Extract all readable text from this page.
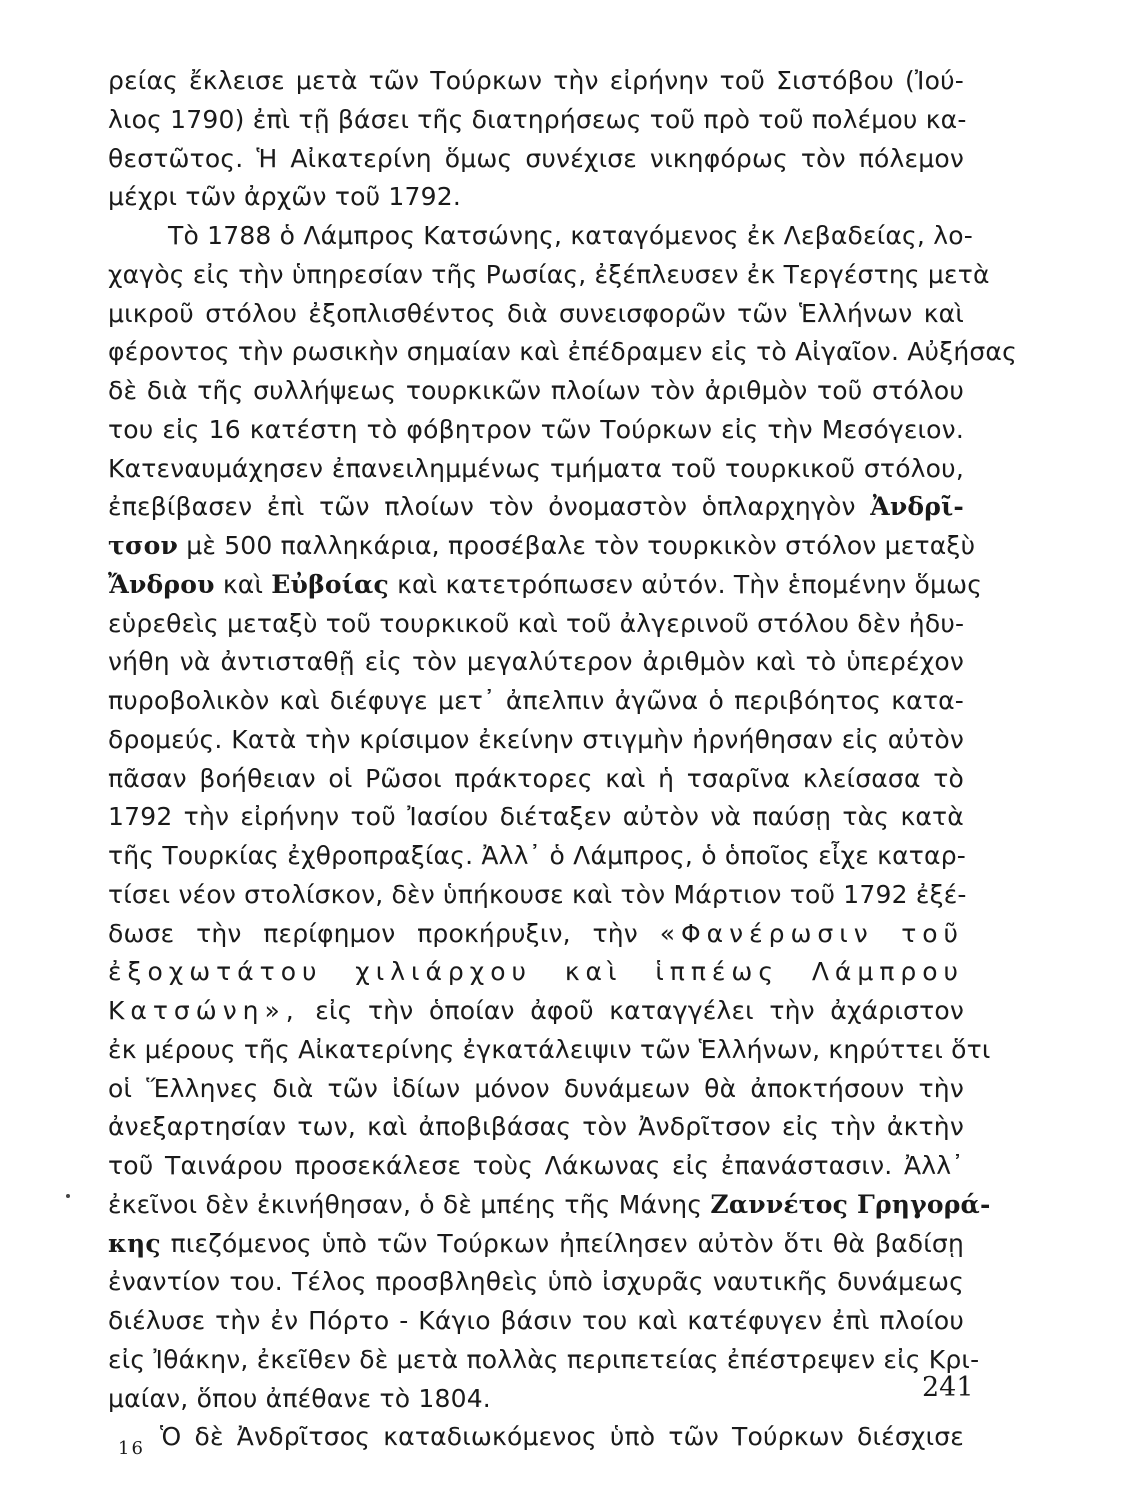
ρείας ἔκλεισε μετὰ τῶν Τούρκων τὴν εἰρήνην τοῦ Σιστόβου (Ἰού-
λιος 1790) ἐπὶ τῇ βάσει τῆς διατηρήσεως τοῦ πρὸ τοῦ πολέμου κα-
θεστῶτος. Ἡ Αἰκατερίνη ὅμως συνέχισε νικηφόρως τὸν πόλεμον
μέχρι τῶν ἀρχῶν τοῦ 1792.
Τὸ 1788 ὁ Λάμπρος Κατσώνης, καταγόμενος ἐκ Λεβαδείας, λο-
χαγὸς εἰς τὴν ὑπηρεσίαν τῆς Ρωσίας, ἐξέπλευσεν ἐκ Τεργέστης μετὰ
μικροῦ στόλου ἐξοπλισθέντος διὰ συνεισφορῶν τῶν Ἑλλήνων καὶ
φέροντος τὴν ρωσικὴν σημαίαν καὶ ἐπέδραμεν εἰς τὸ Αἰγαῖον. Αὐξήσας
δὲ διὰ τῆς συλλήψεως τουρκικῶν πλοίων τὸν ἀριθμὸν τοῦ στόλου
του εἰς 16 κατέστη τὸ φόβητρον τῶν Τούρκων εἰς τὴν Μεσόγειον.
Κατεναυμάχησεν ἐπανειλημμένως τμήματα τοῦ τουρκικοῦ στόλου,
ἐπεβίβασεν ἐπὶ τῶν πλοίων τὸν ὀνομαστὸν ὁπλαρχηγὸν Ἀνδρῖ-
τσον μὲ 500 παλληκάρια, προσέβαλε τὸν τουρκικὸν στόλον μεταξὺ
Ἄνδρου καὶ Εὐβοίας καὶ κατετρόπωσεν αὐτόν. Τὴν ἑπομένην ὅμως
εὑρεθεὶς μεταξὺ τοῦ τουρκικοῦ καὶ τοῦ ἀλγερινοῦ στόλου δὲν ἠδυ-
νήθη νὰ ἀντισταθῇ εἰς τὸν μεγαλύτερον ἀριθμὸν καὶ τὸ ὑπερέχον
πυροβολικὸν καὶ διέφυγε μετ᾽ ἀπελπιν ἀγῶνα ὁ περιβόητος κατα-
δρομεύς. Κατὰ τὴν κρίσιμον ἐκείνην στιγμὴν ἠρνήθησαν εἰς αὐτὸν
πᾶσαν βοήθειαν οἱ Ρῶσοι πράκτορες καὶ ἡ τσαρῖνα κλείσασα τὸ
1792 τὴν εἰρήνην τοῦ Ἰασίου διέταξεν αὐτὸν νὰ παύσῃ τὰς κατὰ
τῆς Τουρκίας ἐχθροπραξίας. Ἀλλ᾽ ὁ Λάμπρος, ὁ ὁποῖος εἶχε καταρ-
τίσει νέον στολίσκον, δὲν ὑπήκουσε καὶ τὸν Μάρτιον τοῦ 1792 ἐξέ-
δωσε τὴν περίφημον προκήρυξιν, τὴν «Φανέρωσιν τοῦ
ἐξοχωτάτου χιλιάρχου καὶ ἱππέως Λάμπρου
Κατσώνη», εἰς τὴν ὁποίαν ἀφοῦ καταγγέλει τὴν ἀχάριστον
ἐκ μέρους τῆς Αἰκατερίνης ἐγκατάλειψιν τῶν Ἑλλήνων, κηρύττει ὅτι
οἱ Ἕλληνες διὰ τῶν ἰδίων μόνον δυνάμεων θὰ ἀποκτήσουν τὴν
ἀνεξαρτησίαν των, καὶ ἀποβιβάσας τὸν Ἀνδρῖτσον εἰς τὴν ἀκτὴν
τοῦ Ταινάρου προσεκάλεσε τοὺς Λάκωνας εἰς ἐπανάστασιν. Ἀλλ᾽
ἐκεῖνοι δὲν ἐκινήθησαν, ὁ δὲ μπέης τῆς Μάνης Ζαννέτος Γρηγορά-
κης πιεζόμενος ὑπὸ τῶν Τούρκων ἠπείλησεν αὐτὸν ὅτι θὰ βαδίσῃ
ἐναντίον του. Τέλος προσβληθεὶς ὑπὸ ἰσχυρᾶς ναυτικῆς δυνάμεως
διέλυσε τὴν ἐν Πόρτο - Κάγιο βάσιν του καὶ κατέφυγεν ἐπὶ πλοίου
εἰς Ἰθάκην, ἐκεῖθεν δὲ μετὰ πολλὰς περιπετείας ἐπέστρεψεν εἰς Κρι-
μαίαν, ὅπου ἀπέθανε τὸ 1804.
Ὁ δὲ Ἀνδρῖτσος καταδιωκόμενος ὑπὸ τῶν Τούρκων διέσχισε
241
16
